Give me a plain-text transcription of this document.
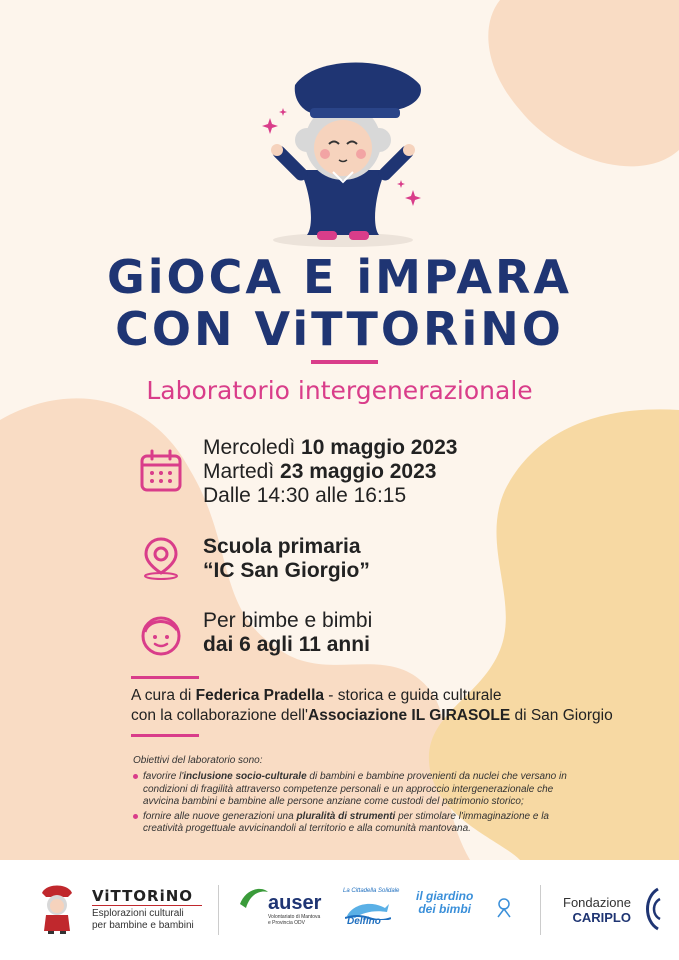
GiOCA E iMPARA
CON ViTTORiNO
Laboratorio intergenerazionale
Mercoledì 10 maggio 2023
Martedì 23 maggio 2023
Dalle 14:30 alle 16:15
Scuola primaria
“IC San Giorgio”
Per bimbe e bimbi
dai 6 agli 11 anni
A cura di Federica Pradella - storica e guida culturale
con la collaborazione dell'Associazione IL GIRASOLE di San Giorgio
Obiettivi del laboratorio sono:
favorire l'inclusione socio-culturale di bambini e bambine provenienti da nuclei che versano in condizioni di fragilità attraverso competenze personali e un approccio intergenerazionale che avvicina bambini e bambine alle persone anziane come custodi del patrimonio storico;
fornire alle nuove generazioni una pluralità di strumenti per stimolare l'immaginazione e la creatività progettuale avvicinandoli al territorio e alla comunità mantovana.
ViTTORiNO
Esplorazioni culturali
per bambine e bambini
auser
Volontariato di Mantova
e Provincia ODV
La Cittadella Solidale
Delfino
il giardino
dei bimbi	Fondazione
CARIPLO
